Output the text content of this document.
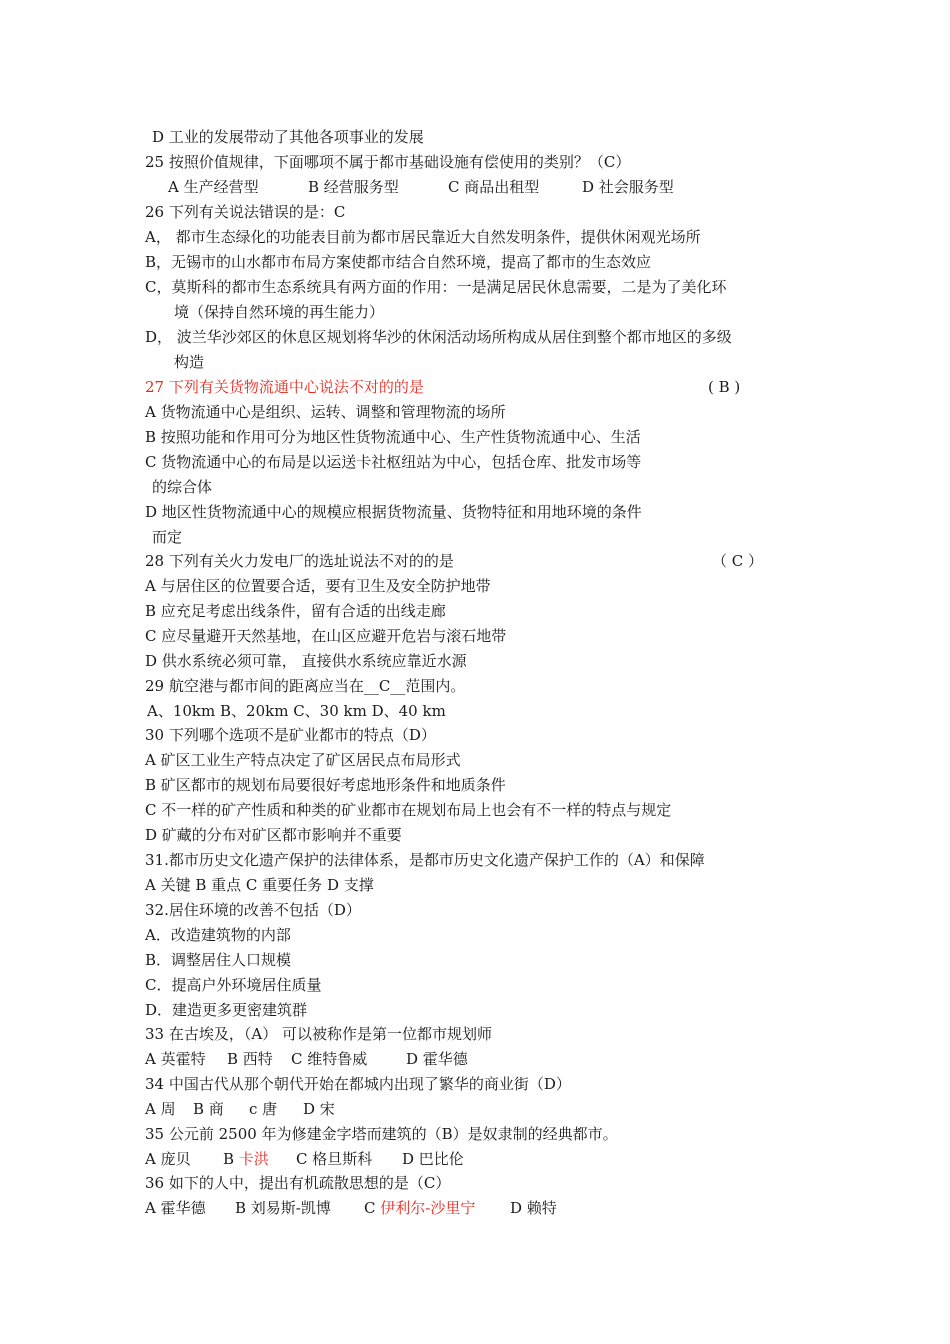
D 工业的发展带动了其他各项事业的发展
25 按照价值规律，下面哪项不属于都市基础设施有偿使用的类别？（C）
A 生产经营型	B 经营服务型	C 商品出租型	D 社会服务型
26 下列有关说法错误的是：C
A， 都市生态绿化的功能表目前为都市居民靠近大自然发明条件，提供休闲观光场所
B，无锡市的山水都市布局方案使都市结合自然环境，提高了都市的生态效应
C，莫斯科的都市生态系统具有两方面的作用：一是满足居民休息需要，二是为了美化环
境（保持自然环境的再生能力）
D， 波兰华沙郊区的休息区规划将华沙的休闲活动场所构成从居住到整个都市地区的多级
构造
27 下列有关货物流通中心说法不对的的是	( B )
A 货物流通中心是组织、运转、调整和管理物流的场所
B 按照功能和作用可分为地区性货物流通中心、生产性货物流通中心、生活
C 货物流通中心的布局是以运送卡社枢纽站为中心，包括仓库、批发市场等
的综合体
D 地区性货物流通中心的规模应根据货物流量、货物特征和用地环境的条件
而定
28 下列有关火力发电厂的选址说法不对的的是	（ C ）
A 与居住区的位置要合适，要有卫生及安全防护地带
B 应充足考虑出线条件，留有合适的出线走廊
C 应尽量避开天然基地，在山区应避开危岩与滚石地带
D 供水系统必须可靠， 直接供水系统应靠近水源
29 航空港与都市间的距离应当在__C__范围内。
A、10km B、20km C、30 km D、40 km
30 下列哪个选项不是矿业都市的特点（D）
A 矿区工业生产特点决定了矿区居民点布局形式
B 矿区都市的规划布局要很好考虑地形条件和地质条件
C 不一样的矿产性质和种类的矿业都市在规划布局上也会有不一样的特点与规定
D 矿藏的分布对矿区都市影响并不重要
31.都市历史文化遗产保护的法律体系，是都市历史文化遗产保护工作的（A）和保障
A 关键 B 重点 C 重要任务 D 支撑
32.居住环境的改善不包括（D）
A．改造建筑物的内部
B．调整居住人口规模
C．提高户外环境居住质量
D．建造更多更密建筑群
33 在古埃及，（A） 可以被称作是第一位都市规划师
A 英霍特 B 西特 C 维特鲁威	D 霍华德
34 中国古代从那个朝代开始在都城内出现了繁华的商业街（D）
A 周 B 商 c 唐 D 宋
35 公元前 2500 年为修建金字塔而建筑的（B）是奴隶制的经典都市。
A 庞贝 B 卡洪 C 格旦斯科 D 巴比伦
36 如下的人中，提出有机疏散思想的是（C）
A 霍华德 B 刘易斯-凯博 C 伊利尔-沙里宁 D 赖特
